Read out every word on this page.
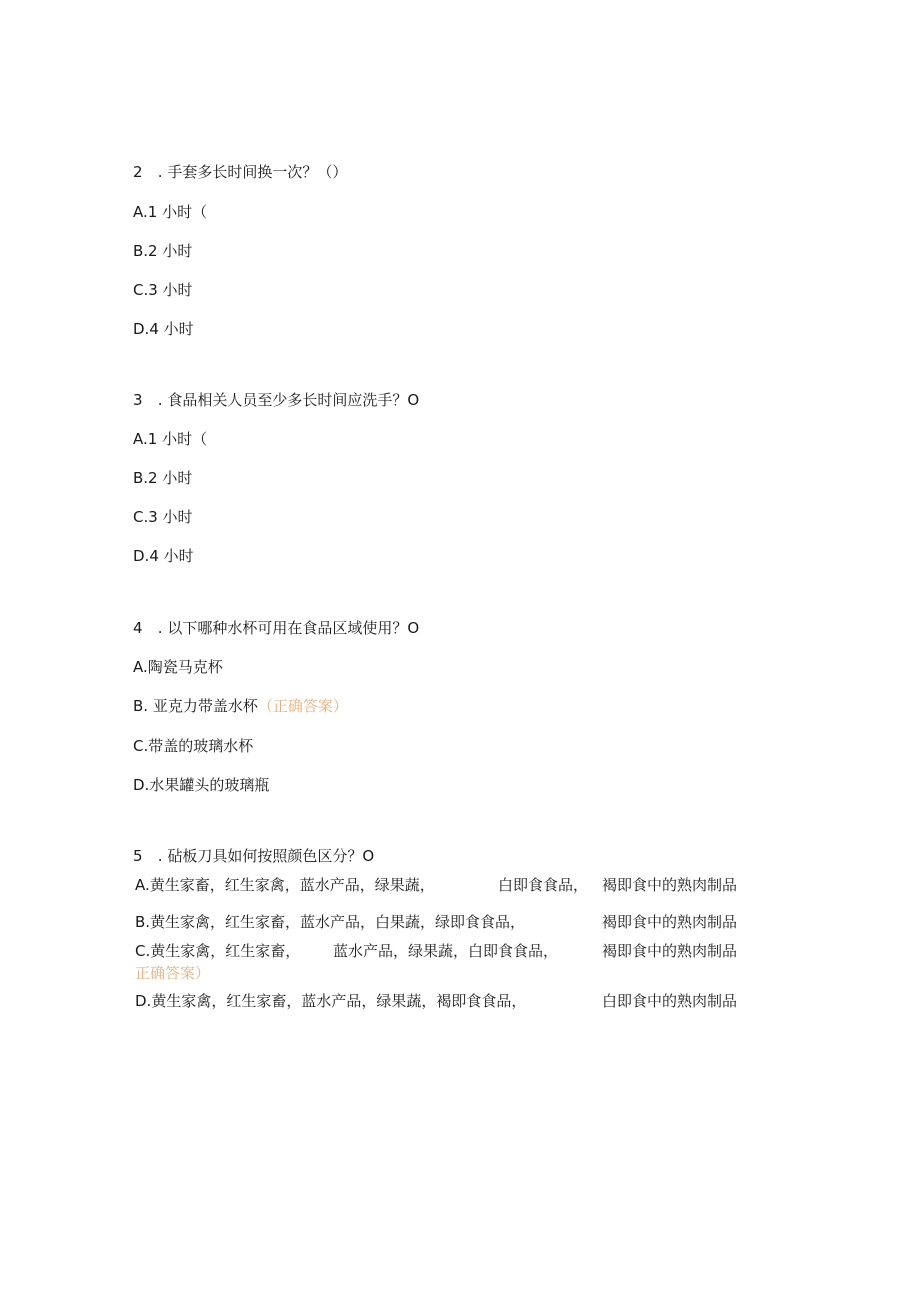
2 . 手套多长时间换一次？（）
A.1 小时（
B.2 小时
C.3 小时
D.4 小时
3 . 食品相关人员至少多长时间应洗手？O
A.1 小时（
B.2 小时
C.3 小时
D.4 小时
4 . 以下哪种水杯可用在食品区域使用？O
A.陶瓷马克杯
B. 亚克力带盖水杯（正确答案）
C.带盖的玻璃水杯
D.水果罐头的玻璃瓶
5 . 砧板刀具如何按照颜色区分？O
A.黄生家畜，红生家禽，蓝水产品，绿果蔬，	白即食食品， 褐即食中的熟肉制品
B.黄生家禽，红生家畜，蓝水产品，白果蔬，绿即食食品，	褐即食中的熟肉制品
C.黄生家禽，红生家畜， 蓝水产品，绿果蔬，白即食食品，	褐即食中的熟肉制品
正确答案）
D.黄生家禽，红生家畜，蓝水产品，绿果蔬，褐即食食品，	白即食中的熟肉制品
